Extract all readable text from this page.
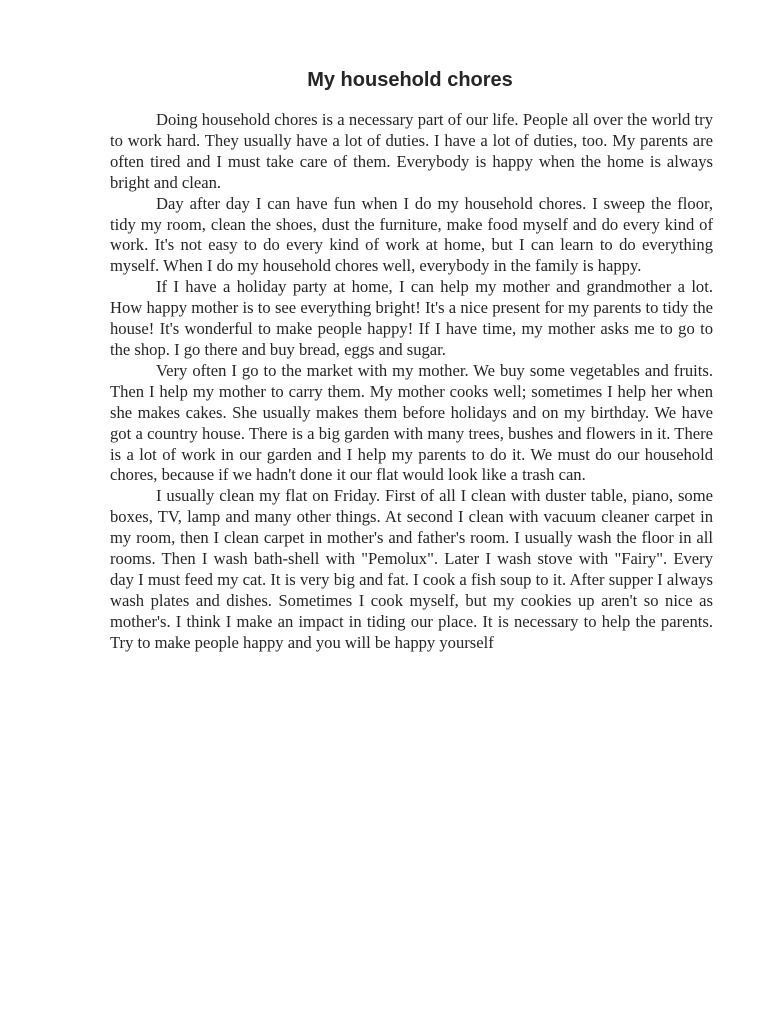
My household chores

Doing household chores is a necessary part of our life. People all over the world try to work hard. They usually have a lot of duties. I have a lot of duties, too. My parents are often tired and I must take care of them. Everybody is happy when the home is always bright and clean.

Day after day I can have fun when I do my household chores. I sweep the floor, tidy my room, clean the shoes, dust the furniture, make food myself and do every kind of work. It's not easy to do every kind of work at home, but I can learn to do everything myself. When I do my household chores well, everybody in the family is happy.

If I have a holiday party at home, I can help my mother and grandmother a lot. How happy mother is to see everything bright! It's a nice present for my parents to tidy the house! It's wonderful to make people happy! If I have time, my mother asks me to go to the shop. I go there and buy bread, eggs and sugar.

Very often I go to the market with my mother. We buy some vegetables and fruits. Then I help my mother to carry them. My mother cooks well; sometimes I help her when she makes cakes. She usually makes them before holidays and on my birthday. We have got a country house. There is a big garden with many trees, bushes and flowers in it. There is a lot of work in our garden and I help my parents to do it. We must do our household chores, because if we hadn't done it our flat would look like a trash can.

I usually clean my flat on Friday. First of all I clean with duster table, piano, some boxes, TV, lamp and many other things. At second I clean with vacuum cleaner carpet in my room, then I clean carpet in mother's and father's room. I usually wash the floor in all rooms. Then I wash bath-shell with "Pemolux". Later I wash stove with "Fairy". Every day I must feed my cat. It is very big and fat. I cook a fish soup to it. After supper I always wash plates and dishes. Sometimes I cook myself, but my cookies up aren't so nice as mother's. I think I make an impact in tiding our place. It is necessary to help the parents. Try to make people happy and you will be happy yourself
